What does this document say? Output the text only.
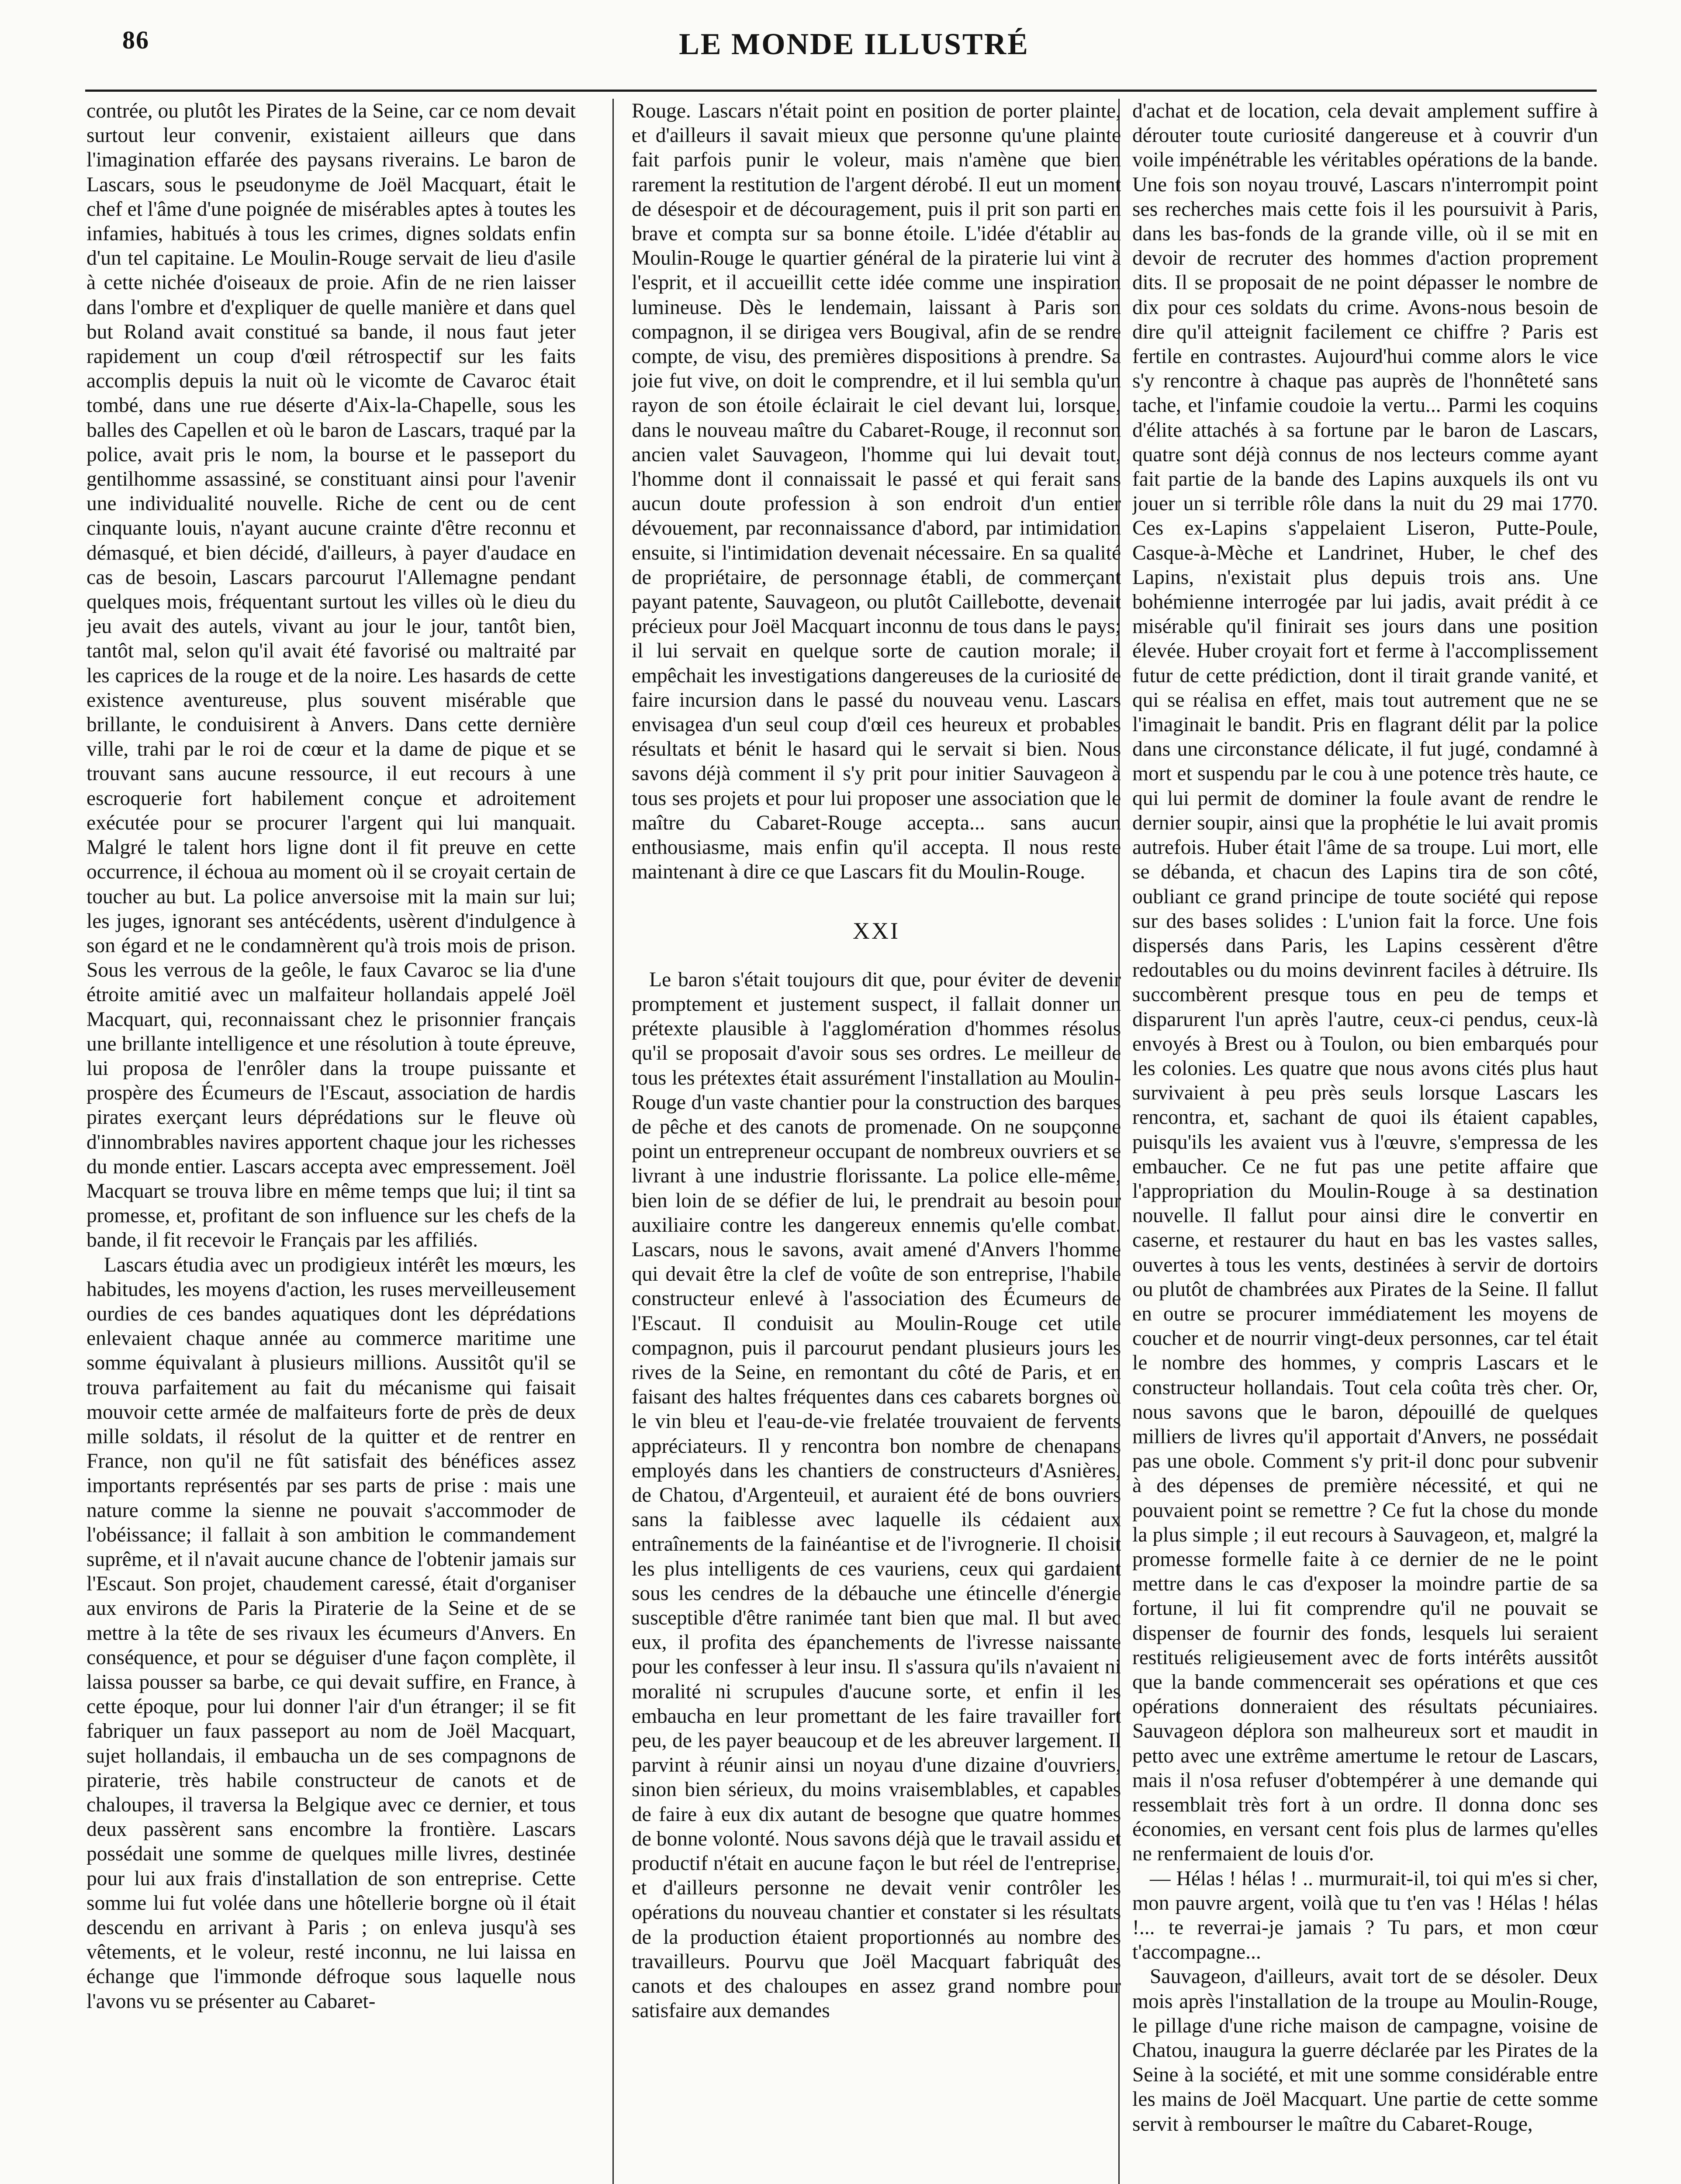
86	LE MONDE ILLUSTRÉ

contrée, ou plutôt les Pirates de la Seine, car ce nom devait surtout leur convenir, existaient ailleurs que dans l'imagination effarée des paysans riverains. Le baron de Lascars, sous le pseudonyme de Joël Macquart, était le chef et l'âme d'une poignée de misérables aptes à toutes les infamies, habitués à tous les crimes, dignes soldats enfin d'un tel capitaine. Le Moulin-Rouge servait de lieu d'asile à cette nichée d'oiseaux de proie. Afin de ne rien laisser dans l'ombre et d'expliquer de quelle manière et dans quel but Roland avait constitué sa bande, il nous faut jeter rapidement un coup d'œil rétrospectif sur les faits accomplis depuis la nuit où le vicomte de Cavaroc était tombé, dans une rue déserte d'Aix-la-Chapelle, sous les balles des Capellen et où le baron de Lascars, traqué par la police, avait pris le nom, la bourse et le passeport du gentilhomme assassiné, se constituant ainsi pour l'avenir une individualité nouvelle. Riche de cent ou de cent cinquante louis, n'ayant aucune crainte d'être reconnu et démasqué, et bien décidé, d'ailleurs, à payer d'audace en cas de besoin, Lascars parcourut l'Allemagne pendant quelques mois, fréquentant surtout les villes où le dieu du jeu avait des autels, vivant au jour le jour, tantôt bien, tantôt mal, selon qu'il avait été favorisé ou maltraité par les caprices de la rouge et de la noire. Les hasards de cette existence aventureuse, plus souvent misérable que brillante, le conduisirent à Anvers. Dans cette dernière ville, trahi par le roi de cœur et la dame de pique et se trouvant sans aucune ressource, il eut recours à une escroquerie fort habilement conçue et adroitement exécutée pour se procurer l'argent qui lui manquait. Malgré le talent hors ligne dont il fit preuve en cette occurrence, il échoua au moment où il se croyait certain de toucher au but. La police anversoise mit la main sur lui; les juges, ignorant ses antécédents, usèrent d'indulgence à son égard et ne le condamnèrent qu'à trois mois de prison. Sous les verrous de la geôle, le faux Cavaroc se lia d'une étroite amitié avec un malfaiteur hollandais appelé Joël Macquart, qui, reconnaissant chez le prisonnier français une brillante intelligence et une résolution à toute épreuve, lui proposa de l'enrôler dans la troupe puissante et prospère des Écumeurs de l'Escaut, association de hardis pirates exerçant leurs déprédations sur le fleuve où d'innombrables navires apportent chaque jour les richesses du monde entier. Lascars accepta avec empressement. Joël Macquart se trouva libre en même temps que lui; il tint sa promesse, et, profitant de son influence sur les chefs de la bande, il fit recevoir le Français par les affiliés.

Lascars étudia avec un prodigieux intérêt les mœurs, les habitudes, les moyens d'action, les ruses merveilleusement ourdies de ces bandes aquatiques dont les déprédations enlevaient chaque année au commerce maritime une somme équivalant à plusieurs millions. Aussitôt qu'il se trouva parfaitement au fait du mécanisme qui faisait mouvoir cette armée de malfaiteurs forte de près de deux mille soldats, il résolut de la quitter et de rentrer en France, non qu'il ne fût satisfait des bénéfices assez importants représentés par ses parts de prise : mais une nature comme la sienne ne pouvait s'accommoder de l'obéissance; il fallait à son ambition le commandement suprême, et il n'avait aucune chance de l'obtenir jamais sur l'Escaut. Son projet, chaudement caressé, était d'organiser aux environs de Paris la Piraterie de la Seine et de se mettre à la tête de ses rivaux les écumeurs d'Anvers. En conséquence, et pour se déguiser d'une façon complète, il laissa pousser sa barbe, ce qui devait suffire, en France, à cette époque, pour lui donner l'air d'un étranger; il se fit fabriquer un faux passeport au nom de Joël Macquart, sujet hollandais, il embaucha un de ses compagnons de piraterie, très habile constructeur de canots et de chaloupes, il traversa la Belgique avec ce dernier, et tous deux passèrent sans encombre la frontière. Lascars possédait une somme de quelques mille livres, destinée pour lui aux frais d'installation de son entreprise. Cette somme lui fut volée dans une hôtellerie borgne où il était descendu en arrivant à Paris ; on enleva jusqu'à ses vêtements, et le voleur, resté inconnu, ne lui laissa en échange que l'immonde défroque sous laquelle nous l'avons vu se présenter au Cabaret-

Rouge. Lascars n'était point en position de porter plainte, et d'ailleurs il savait mieux que personne qu'une plainte fait parfois punir le voleur, mais n'amène que bien rarement la restitution de l'argent dérobé. Il eut un moment de désespoir et de découragement, puis il prit son parti en brave et compta sur sa bonne étoile. L'idée d'établir au Moulin-Rouge le quartier général de la piraterie lui vint à l'esprit, et il accueillit cette idée comme une inspiration lumineuse. Dès le lendemain, laissant à Paris son compagnon, il se dirigea vers Bougival, afin de se rendre compte, de visu, des premières dispositions à prendre. Sa joie fut vive, on doit le comprendre, et il lui sembla qu'un rayon de son étoile éclairait le ciel devant lui, lorsque, dans le nouveau maître du Cabaret-Rouge, il reconnut son ancien valet Sauvageon, l'homme qui lui devait tout, l'homme dont il connaissait le passé et qui ferait sans aucun doute profession à son endroit d'un entier dévouement, par reconnaissance d'abord, par intimidation ensuite, si l'intimidation devenait nécessaire. En sa qualité de propriétaire, de personnage établi, de commerçant payant patente, Sauvageon, ou plutôt Caillebotte, devenait précieux pour Joël Macquart inconnu de tous dans le pays; il lui servait en quelque sorte de caution morale; il empêchait les investigations dangereuses de la curiosité de faire incursion dans le passé du nouveau venu. Lascars envisagea d'un seul coup d'œil ces heureux et probables résultats et bénit le hasard qui le servait si bien. Nous savons déjà comment il s'y prit pour initier Sauvageon à tous ses projets et pour lui proposer une association que le maître du Cabaret-Rouge accepta... sans aucun enthousiasme, mais enfin qu'il accepta. Il nous reste maintenant à dire ce que Lascars fit du Moulin-Rouge.

XXI

Le baron s'était toujours dit que, pour éviter de devenir promptement et justement suspect, il fallait donner un prétexte plausible à l'agglomération d'hommes résolus qu'il se proposait d'avoir sous ses ordres. Le meilleur de tous les prétextes était assurément l'installation au Moulin-Rouge d'un vaste chantier pour la construction des barques de pêche et des canots de promenade. On ne soupçonne point un entrepreneur occupant de nombreux ouvriers et se livrant à une industrie florissante. La police elle-même, bien loin de se défier de lui, le prendrait au besoin pour auxiliaire contre les dangereux ennemis qu'elle combat. Lascars, nous le savons, avait amené d'Anvers l'homme qui devait être la clef de voûte de son entreprise, l'habile constructeur enlevé à l'association des Écumeurs de l'Escaut. Il conduisit au Moulin-Rouge cet utile compagnon, puis il parcourut pendant plusieurs jours les rives de la Seine, en remontant du côté de Paris, et en faisant des haltes fréquentes dans ces cabarets borgnes où le vin bleu et l'eau-de-vie frelatée trouvaient de fervents appréciateurs. Il y rencontra bon nombre de chenapans employés dans les chantiers de constructeurs d'Asnières, de Chatou, d'Argenteuil, et auraient été de bons ouvriers sans la faiblesse avec laquelle ils cédaient aux entraînements de la fainéantise et de l'ivrognerie. Il choisit les plus intelligents de ces vauriens, ceux qui gardaient sous les cendres de la débauche une étincelle d'énergie susceptible d'être ranimée tant bien que mal. Il but avec eux, il profita des épanchements de l'ivresse naissante pour les confesser à leur insu. Il s'assura qu'ils n'avaient ni moralité ni scrupules d'aucune sorte, et enfin il les embaucha en leur promettant de les faire travailler fort peu, de les payer beaucoup et de les abreuver largement. Il parvint à réunir ainsi un noyau d'une dizaine d'ouvriers, sinon bien sérieux, du moins vraisemblables, et capables de faire à eux dix autant de besogne que quatre hommes de bonne volonté. Nous savons déjà que le travail assidu et productif n'était en aucune façon le but réel de l'entreprise, et d'ailleurs personne ne devait venir contrôler les opérations du nouveau chantier et constater si les résultats de la production étaient proportionnés au nombre des travailleurs. Pourvu que Joël Macquart fabriquât des canots et des chaloupes en assez grand nombre pour satisfaire aux demandes

d'achat et de location, cela devait amplement suffire à dérouter toute curiosité dangereuse et à couvrir d'un voile impénétrable les véritables opérations de la bande. Une fois son noyau trouvé, Lascars n'interrompit point ses recherches mais cette fois il les poursuivit à Paris, dans les bas-fonds de la grande ville, où il se mit en devoir de recruter des hommes d'action proprement dits. Il se proposait de ne point dépasser le nombre de dix pour ces soldats du crime. Avons-nous besoin de dire qu'il atteignit facilement ce chiffre ? Paris est fertile en contrastes. Aujourd'hui comme alors le vice s'y rencontre à chaque pas auprès de l'honnêteté sans tache, et l'infamie coudoie la vertu... Parmi les coquins d'élite attachés à sa fortune par le baron de Lascars, quatre sont déjà connus de nos lecteurs comme ayant fait partie de la bande des Lapins auxquels ils ont vu jouer un si terrible rôle dans la nuit du 29 mai 1770. Ces ex-Lapins s'appelaient Liseron, Putte-Poule, Casque-à-Mèche et Landrinet, Huber, le chef des Lapins, n'existait plus depuis trois ans. Une bohémienne interrogée par lui jadis, avait prédit à ce misérable qu'il finirait ses jours dans une position élevée. Huber croyait fort et ferme à l'accomplissement futur de cette prédiction, dont il tirait grande vanité, et qui se réalisa en effet, mais tout autrement que ne se l'imaginait le bandit. Pris en flagrant délit par la police dans une circonstance délicate, il fut jugé, condamné à mort et suspendu par le cou à une potence très haute, ce qui lui permit de dominer la foule avant de rendre le dernier soupir, ainsi que la prophétie le lui avait promis autrefois. Huber était l'âme de sa troupe. Lui mort, elle se débanda, et chacun des Lapins tira de son côté, oubliant ce grand principe de toute société qui repose sur des bases solides : L'union fait la force. Une fois dispersés dans Paris, les Lapins cessèrent d'être redoutables ou du moins devinrent faciles à détruire. Ils succombèrent presque tous en peu de temps et disparurent l'un après l'autre, ceux-ci pendus, ceux-là envoyés à Brest ou à Toulon, ou bien embarqués pour les colonies. Les quatre que nous avons cités plus haut survivaient à peu près seuls lorsque Lascars les rencontra, et, sachant de quoi ils étaient capables, puisqu'ils les avaient vus à l'œuvre, s'empressa de les embaucher. Ce ne fut pas une petite affaire que l'appropriation du Moulin-Rouge à sa destination nouvelle. Il fallut pour ainsi dire le convertir en caserne, et restaurer du haut en bas les vastes salles, ouvertes à tous les vents, destinées à servir de dortoirs ou plutôt de chambrées aux Pirates de la Seine. Il fallut en outre se procurer immédiatement les moyens de coucher et de nourrir vingt-deux personnes, car tel était le nombre des hommes, y compris Lascars et le constructeur hollandais. Tout cela coûta très cher. Or, nous savons que le baron, dépouillé de quelques milliers de livres qu'il apportait d'Anvers, ne possédait pas une obole. Comment s'y prit-il donc pour subvenir à des dépenses de première nécessité, et qui ne pouvaient point se remettre ? Ce fut la chose du monde la plus simple ; il eut recours à Sauvageon, et, malgré la promesse formelle faite à ce dernier de ne le point mettre dans le cas d'exposer la moindre partie de sa fortune, il lui fit comprendre qu'il ne pouvait se dispenser de fournir des fonds, lesquels lui seraient restitués religieusement avec de forts intérêts aussitôt que la bande commencerait ses opérations et que ces opérations donneraient des résultats pécuniaires. Sauvageon déplora son malheureux sort et maudit in petto avec une extrême amertume le retour de Lascars, mais il n'osa refuser d'obtempérer à une demande qui ressemblait très fort à un ordre. Il donna donc ses économies, en versant cent fois plus de larmes qu'elles ne renfermaient de louis d'or.

— Hélas ! hélas ! .. murmurait-il, toi qui m'es si cher, mon pauvre argent, voilà que tu t'en vas ! Hélas ! hélas !... te reverrai-je jamais ? Tu pars, et mon cœur t'accompagne...

Sauvageon, d'ailleurs, avait tort de se désoler. Deux mois après l'installation de la troupe au Moulin-Rouge, le pillage d'une riche maison de campagne, voisine de Chatou, inaugura la guerre déclarée par les Pirates de la Seine à la société, et mit une somme considérable entre les mains de Joël Macquart. Une partie de cette somme servit à rembourser le maître du Cabaret-Rouge,
